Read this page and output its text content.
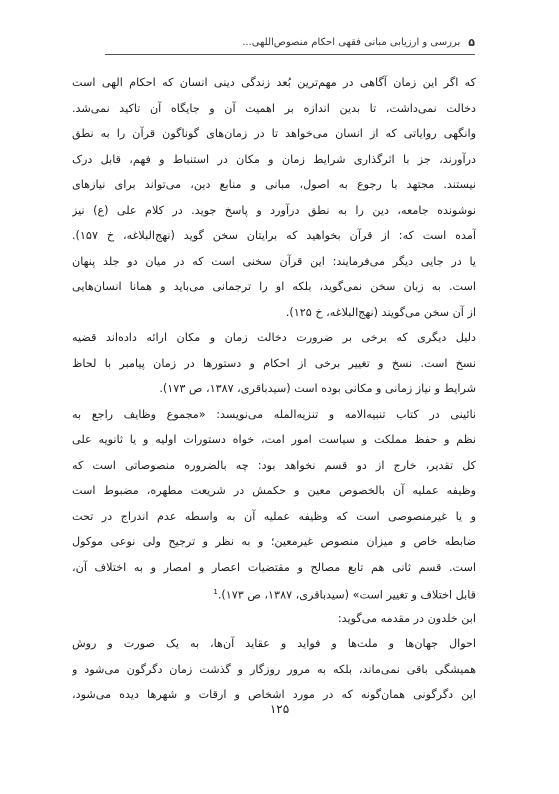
۵
بررسی و ارزیابی مبانی فقهی احکام منصوص‌اللهی...
که اگر این زمان آگاهی در مهم‌ترین بُعد زندگی دینی انسان که احکام الهی است
دخالت نمی‌داشت، تا بدین اندازه بر اهمیت آن و جایگاه آن تاکید نمی‌شد.
وانگهی روایاتی که از انسان می‌خواهد تا در زمان‌های گوناگون قرآن را به نطق
درآورند، جز با اثرگذاری شرایط زمان و مکان در استنباط و فهم، قابل درک
نیستند. مجتهد با رجوع به اصول، مبانی و منابع دین، می‌تواند برای نیازهای
نوشونده جامعه، دین را به نطق درآورد و پاسخ جوید. در کلام علی (ع) نیز
آمده است که: از قرآن بخواهید که برایتان سخن گوید (نهج‌البلاغه، خ ۱۵۷).
یا در جایی دیگر می‌فرمایند: این قرآن سخنی است که در میان دو جلد پنهان
است. به زبان سخن نمی‌گوید، بلکه او را ترجمانی می‌باید و همانا انسان‌هایی
از آن سخن می‌گویند (نهج‌البلاغه، خ ۱۲۵).
دلیل دیگری که برخی بر ضرورت دخالت زمان و مکان ارائه داده‌اند قضیه
نسخ است. نسخ و تغییر برخی از احکام و دستورها در زمان پیامبر با لحاظ
شرایط و نیاز زمانی و مکانی بوده است (سیدباقری، ۱۳۸۷، ص ۱۷۳).
نائینی در کتاب تنبیه‌الامه و تنزیه‌المله می‌نویسد: «مجموع وظایف راجع به
نظم و حفظ مملکت و سیاست امور امت، خواه دستورات اولیه و یا ثانویه علی
کل تقدیر، خارج از دو قسم نخواهد بود: چه بالضروره منصوصاتی است که
وظیفه عملیه آن بالخصوص معین و حکمش در شریعت مطهره، مضبوط است
و یا غیرمنصوصی است که وظیفه عملیه آن به واسطه عدم اندراج در تحت
ضابطه خاص و میزان منصوص غیرمعین؛ و به نظر و ترجیح ولی نوعی موکول
است. قسم ثانی هم تابع مصالح و مقتضیات اعصار و امصار و به اختلاف آن،
قابل اختلاف و تغییر است» (سیدباقری، ۱۳۸۷، ص ۱۷۳).$^1$
ابن خلدون در مقدمه می‌گوید:
احوال جهان‌ها و ملت‌ها و فواید و عقاید آن‌ها، به یک صورت و روش
همیشگی باقی نمی‌ماند، بلکه به مرور روزگار و گذشت زمان دگرگون می‌شود و
این دگرگونی همان‌گونه که در مورد اشخاص و ارقات و شهرها دیده می‌شود،
۱۲۵
